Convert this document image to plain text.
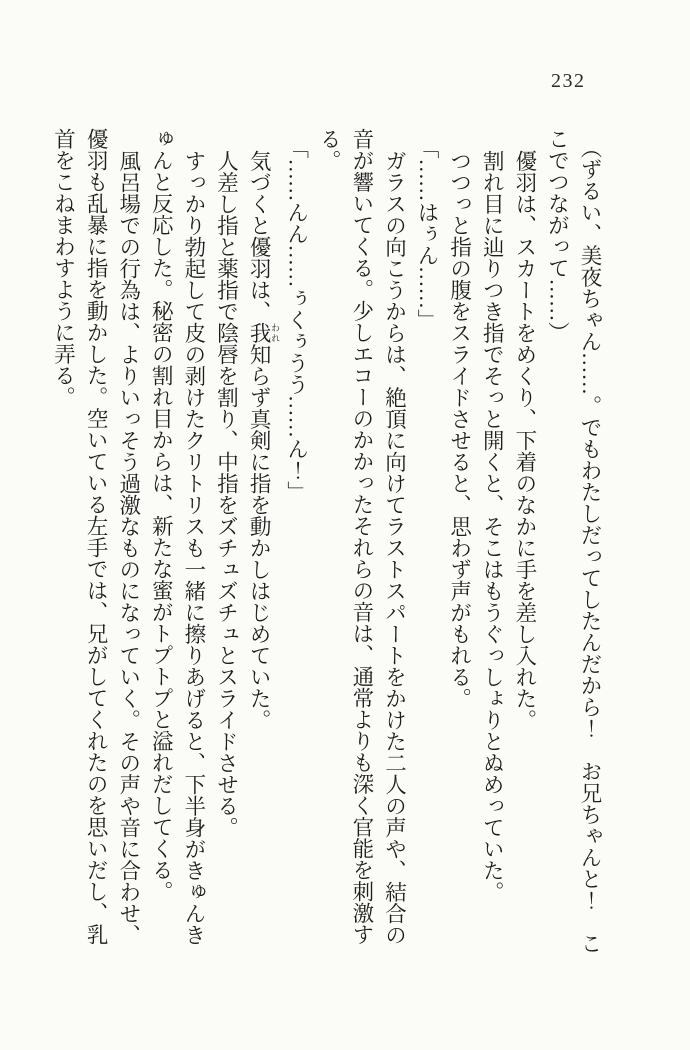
232
（ずるい、美夜ちゃん……。でもわたしだってしたんだから！　お兄ちゃんと！　こ
こでつながって……）
優羽は、スカートをめくり、下着のなかに手を差し入れた。
割れ目に辿りつき指でそっと開くと、そこはもうぐっしょりとぬめっていた。
つつっと指の腹をスライドさせると、思わず声がもれる。
「……はぅん……」
ガラスの向こうからは、絶頂に向けてラストスパートをかけた二人の声や、結合の
音が響いてくる。少しエコーのかかったそれらの音は、通常よりも深く官能を刺激す
る。
「……んん……ぅくぅうう……ん！」
気づくと優羽は、我 われ知らず真剣に指を動かしはじめていた。
人差し指と薬指で陰唇を割り、中指をズチュズチュとスライドさせる。
すっかり勃起して皮の剥けたクリトリスも一緒に擦りあげると、下半身がきゅんき
ゅんと反応した。秘密の割れ目からは、新たな蜜がトプトプと溢れだしてくる。
風呂場での行為は、よりいっそう過激なものになっていく。その声や音に合わせ、
優羽も乱暴に指を動かした。空いている左手では、兄がしてくれたのを思いだし、乳
首をこねまわすように弄る。
